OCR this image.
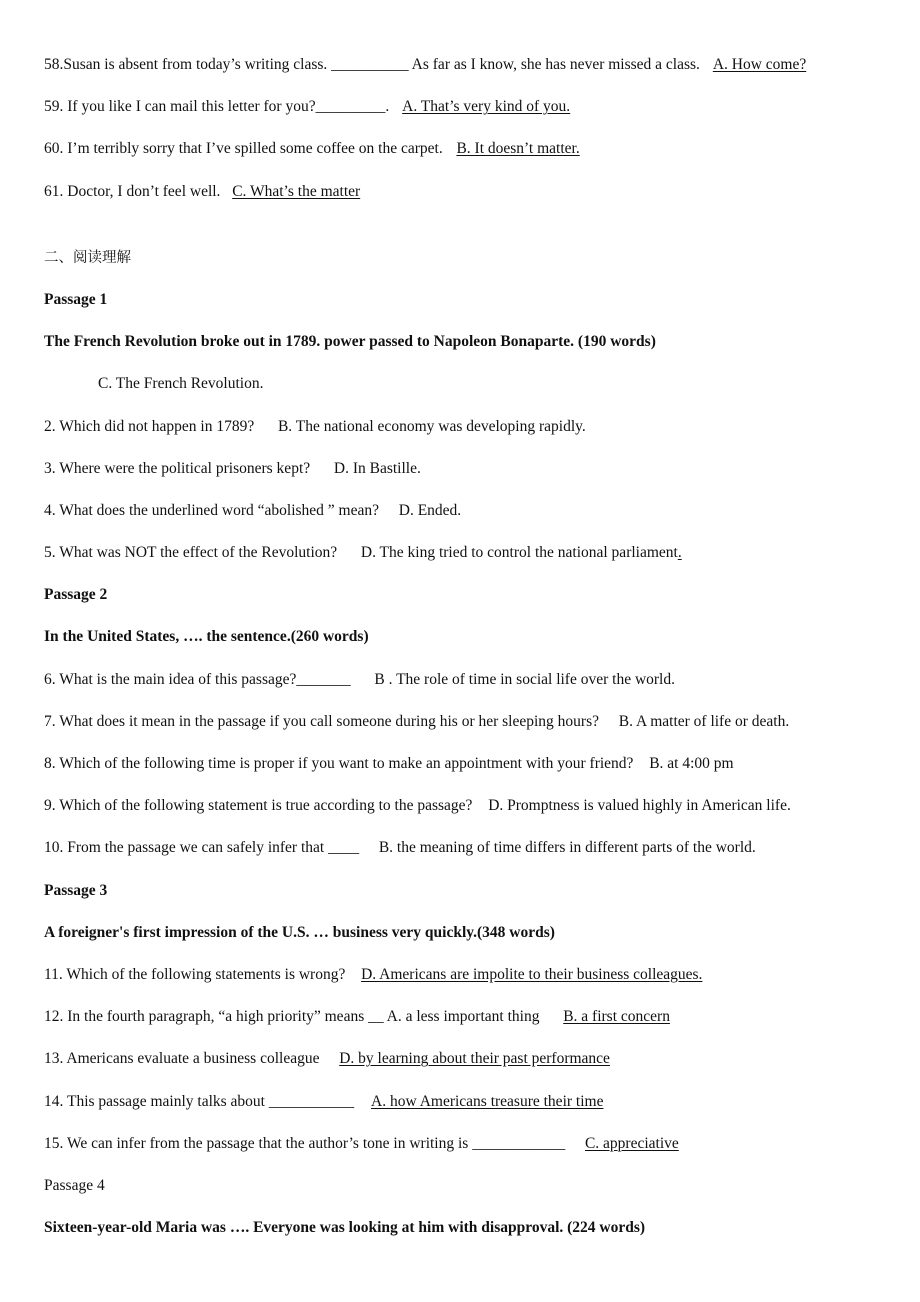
58.Susan is absent from today’s writing class. __________ As far as I know, she has never missed a class.  A. How come?
59. If you like I can mail this letter for you?_________.  A. That’s very kind of you.
60. I’m terribly sorry that I’ve spilled some coffee on the carpet.  B. It doesn’t matter.
61. Doctor, I don’t feel well.  C. What’s the matter
二、阅读理解
Passage 1
The French Revolution broke out in 1789. power passed to Napoleon Bonaparte. (190 words)
C. The French Revolution.
2. Which did not happen in 1789? B. The national economy was developing rapidly.
3. Where were the political prisoners kept? D. In Bastille.
4. What does the underlined word “abolished ” mean? D. Ended.
5. What was NOT the effect of the Revolution? D. The king tried to control the national parliament.
Passage 2
In the United States, …. the sentence.(260 words)
6. What is the main idea of this passage?_______ B . The role of time in social life over the world.
7. What does it mean in the passage if you call someone during his or her sleeping hours? B. A matter of life or death.
8. Which of the following time is proper if you want to make an appointment with your friend? B. at 4:00 pm
9. Which of the following statement is true according to the passage? D. Promptness is valued highly in American life.
10. From the passage we can safely infer that ____ B. the meaning of time differs in different parts of the world.
Passage 3
A foreigner's first impression of the U.S. … business very quickly.(348 words)
11. Which of the following statements is wrong? D. Americans are impolite to their business colleagues.
12. In the fourth paragraph, “a high priority” means __ A. a less important thing B. a first concern
13. Americans evaluate a business colleague D. by learning about their past performance
14. This passage mainly talks about ___________ A. how Americans treasure their time
15. We can infer from the passage that the author’s tone in writing is ____________ C. appreciative
Passage 4
Sixteen-year-old Maria was …. Everyone was looking at him with disapproval. (224 words)
